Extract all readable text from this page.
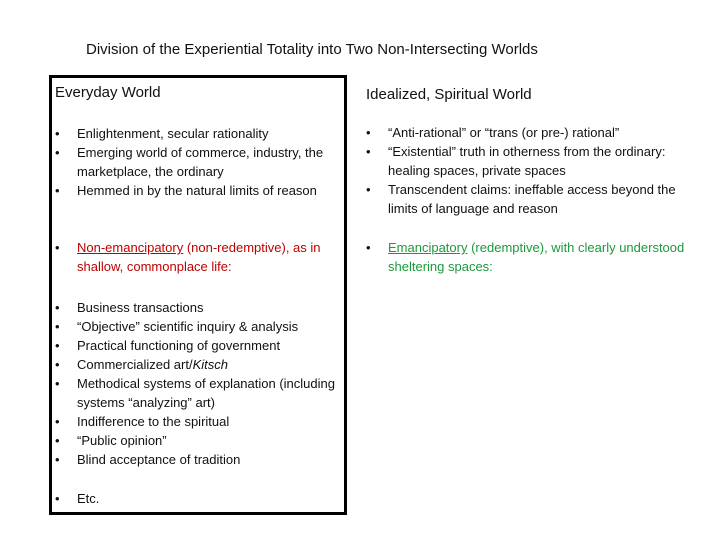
Division of the Experiential Totality into Two Non-Intersecting Worlds
Everyday World	Idealized, Spiritual World
•	Enlightenment, secular rationality
•	Emerging world of commerce, industry, the marketplace, the ordinary
•	Hemmed in by the natural limits of reason
•	Non-emancipatory (non-redemptive), as in shallow, commonplace life:
•	Business transactions
•	“Objective” scientific inquiry & analysis
•	Practical functioning of government
•	Commercialized art/Kitsch
•	Methodical systems of explanation (including systems “analyzing” art)
•	Indifference to the spiritual
•	“Public opinion”
•	Blind acceptance of tradition
•	Etc.
•	“Anti-rational” or “trans (or pre-) rational”
•	“Existential” truth in otherness from the ordinary: healing spaces, private spaces
•	Transcendent claims: ineffable access beyond the limits of language and reason
•	Emancipatory (redemptive), with clearly understood sheltering spaces:
